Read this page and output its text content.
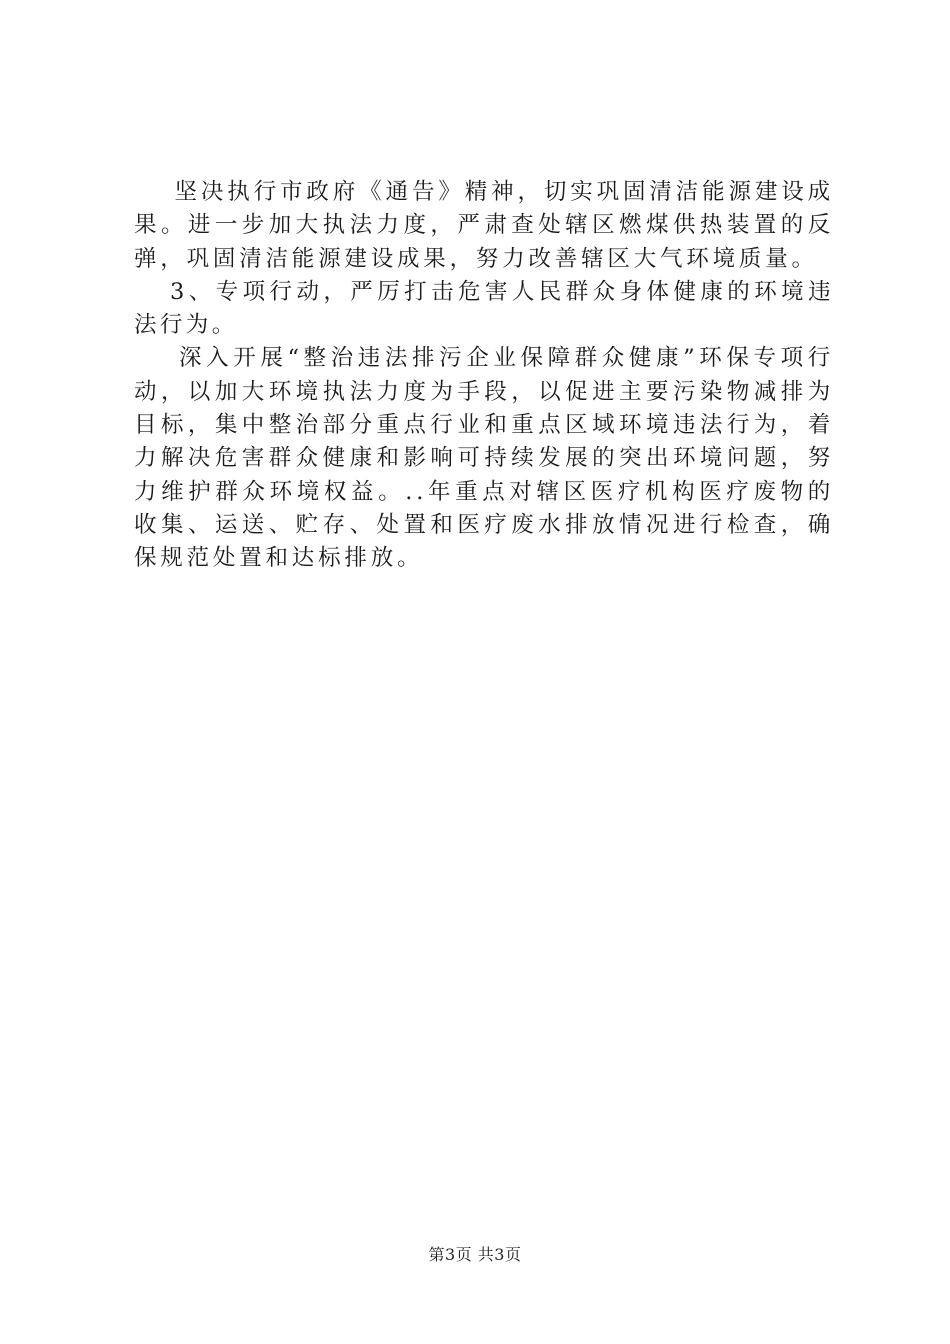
坚决执行市政府《通告》精神，切实巩固清洁能源建设成果。进一步加大执法力度，严肃查处辖区燃煤供热装置的反弹，巩固清洁能源建设成果，努力改善辖区大气环境质量。

3、专项行动，严厉打击危害人民群众身体健康的环境违法行为。

深入开展“整治违法排污企业保障群众健康”环保专项行动，以加大环境执法力度为手段，以促进主要污染物减排为目标，集中整治部分重点行业和重点区域环境违法行为，着力解决危害群众健康和影响可持续发展的突出环境问题，努力维护群众环境权益。..年重点对辖区医疗机构医疗废物的收集、运送、贮存、处置和医疗废水排放情况进行检查，确保规范处置和达标排放。

第3页 共3页
